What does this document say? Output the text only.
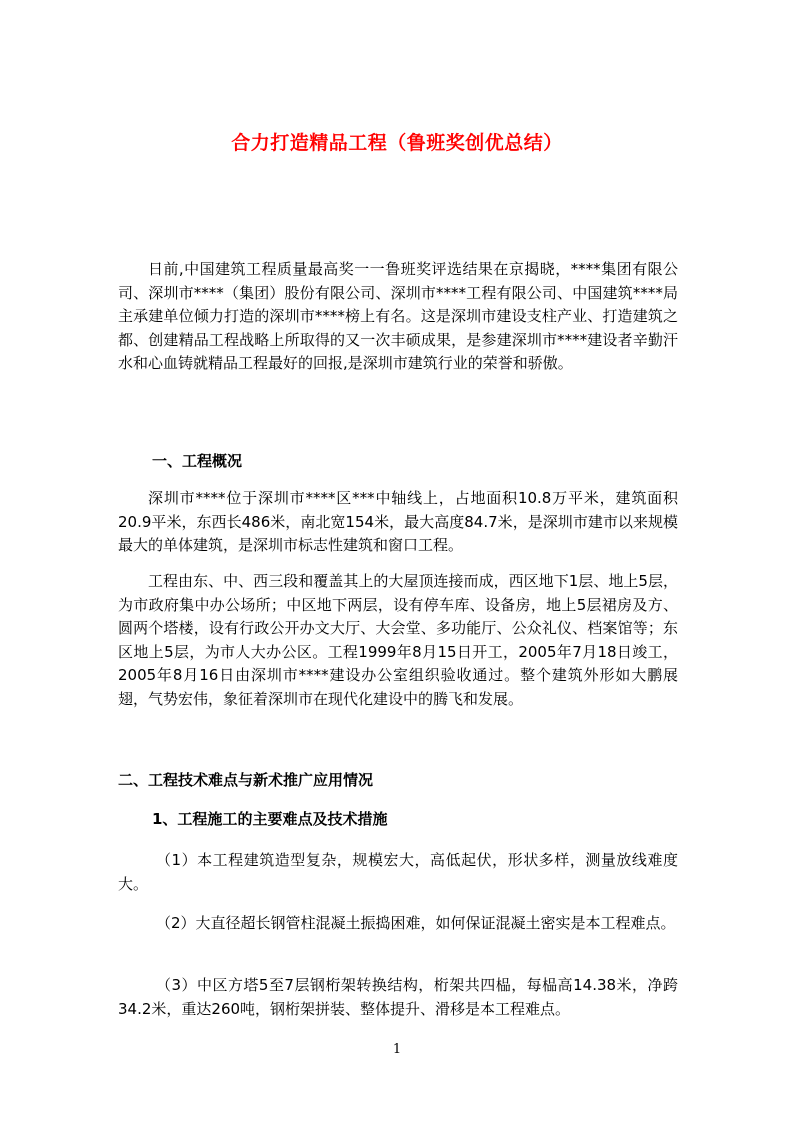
合力打造精品工程（鲁班奖创优总结）

日前,中国建筑工程质量最高奖一一鲁班奖评选结果在京揭晓，****集团有限公司、深圳市****（集团）股份有限公司、深圳市****工程有限公司、中国建筑****局主承建单位倾力打造的深圳市****榜上有名。这是深圳市建设支柱产业、打造建筑之都、创建精品工程战略上所取得的又一次丰硕成果，是参建深圳市****建设者辛勤汗水和心血铸就精品工程最好的回报,是深圳市建筑行业的荣誉和骄傲。

一、工程概况

深圳市****位于深圳市****区***中轴线上，占地面积10.8万平米，建筑面积20.9平米，东西长486米，南北宽154米，最大高度84.7米，是深圳市建市以来规模最大的单体建筑，是深圳市标志性建筑和窗口工程。

工程由东、中、西三段和覆盖其上的大屋顶连接而成，西区地下1层、地上5层，为市政府集中办公场所；中区地下两层，设有停车库、设备房，地上5层裙房及方、圆两个塔楼，设有行政公开办文大厅、大会堂、多功能厅、公众礼仪、档案馆等；东区地上5层，为市人大办公区。工程1999年8月15日开工，2005年7月18日竣工，2005年8月16日由深圳市****建设办公室组织验收通过。整个建筑外形如大鹏展翅，气势宏伟，象征着深圳市在现代化建设中的腾飞和发展。

二、工程技术难点与新术推广应用情况
1、工程施工的主要难点及技术措施

（1）本工程建筑造型复杂，规模宏大，高低起伏，形状多样，测量放线难度大。

（2）大直径超长钢管柱混凝土振捣困难，如何保证混凝土密实是本工程难点。

（3）中区方塔5至7层钢桁架转换结构，桁架共四榀，每榀高14.38米，净跨34.2米，重达260吨，钢桁架拼装、整体提升、滑移是本工程难点。

1
